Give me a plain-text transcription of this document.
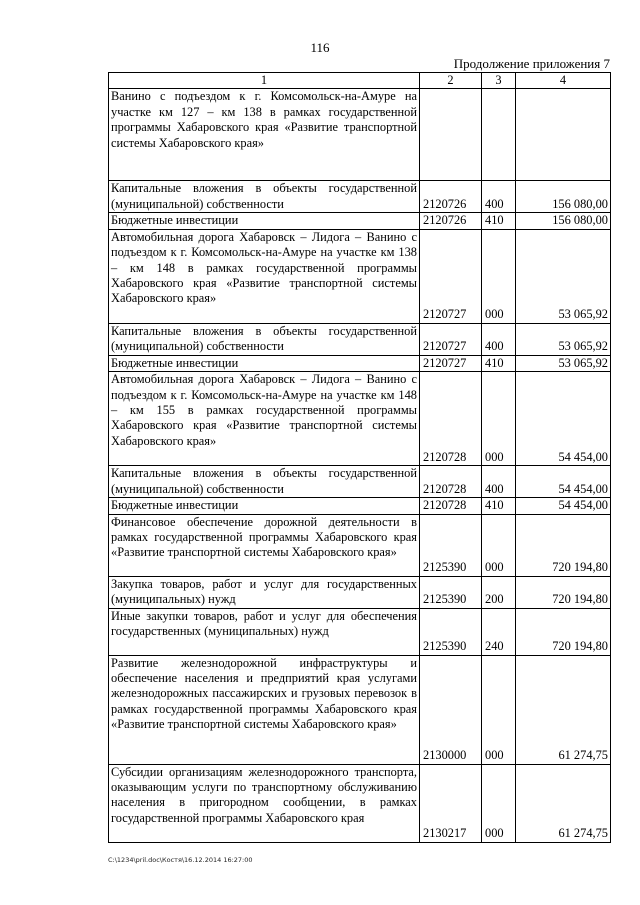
116
Продолжение приложения 7
1	2	3	4
Ванино с подъездом к г. Комсомольск-на-Амуре на участке км 127 – км 138 в рамках государственной программы Хабаровского края «Развитие транспортной системы Хабаровского края»			
Капитальные вложения в объекты государственной (муниципальной) собственности	2120726	400	156 080,00
Бюджетные инвестиции	2120726	410	156 080,00
Автомобильная дорога Хабаровск – Лидога – Ванино с подъездом к г. Комсомольск-на-Амуре на участке км 138 – км 148 в рамках государственной программы Хабаровского края «Развитие транспортной системы Хабаровского края»	2120727	000	53 065,92
Капитальные вложения в объекты государственной (муниципальной) собственности	2120727	400	53 065,92
Бюджетные инвестиции	2120727	410	53 065,92
Автомобильная дорога Хабаровск – Лидога – Ванино с подъездом к г. Комсомольск-на-Амуре на участке км 148 – км 155 в рамках государственной программы Хабаровского края «Развитие транспортной системы Хабаровского края»	2120728	000	54 454,00
Капитальные вложения в объекты государственной (муниципальной) собственности	2120728	400	54 454,00
Бюджетные инвестиции	2120728	410	54 454,00
Финансовое обеспечение дорожной деятельности в рамках государственной программы Хабаровского края «Развитие транспортной системы Хабаровского края»	2125390	000	720 194,80
Закупка товаров, работ и услуг для государственных (муниципальных) нужд	2125390	200	720 194,80
Иные закупки товаров, работ и услуг для обеспечения государственных (муниципальных) нужд	2125390	240	720 194,80
Развитие железнодорожной инфраструктуры и обеспечение населения и предприятий края услугами железнодорожных пассажирских и грузовых перевозок в рамках государственной программы Хабаровского края «Развитие транспортной системы Хабаровского края»	2130000	000	61 274,75
Субсидии организациям железнодорожного транспорта, оказывающим услуги по транспортному обслуживанию населения в пригородном сообщении, в рамках государственной программы Хабаровского края	2130217	000	61 274,75
C:\1234\pril.doc\Костя\16.12.2014 16:27:00
